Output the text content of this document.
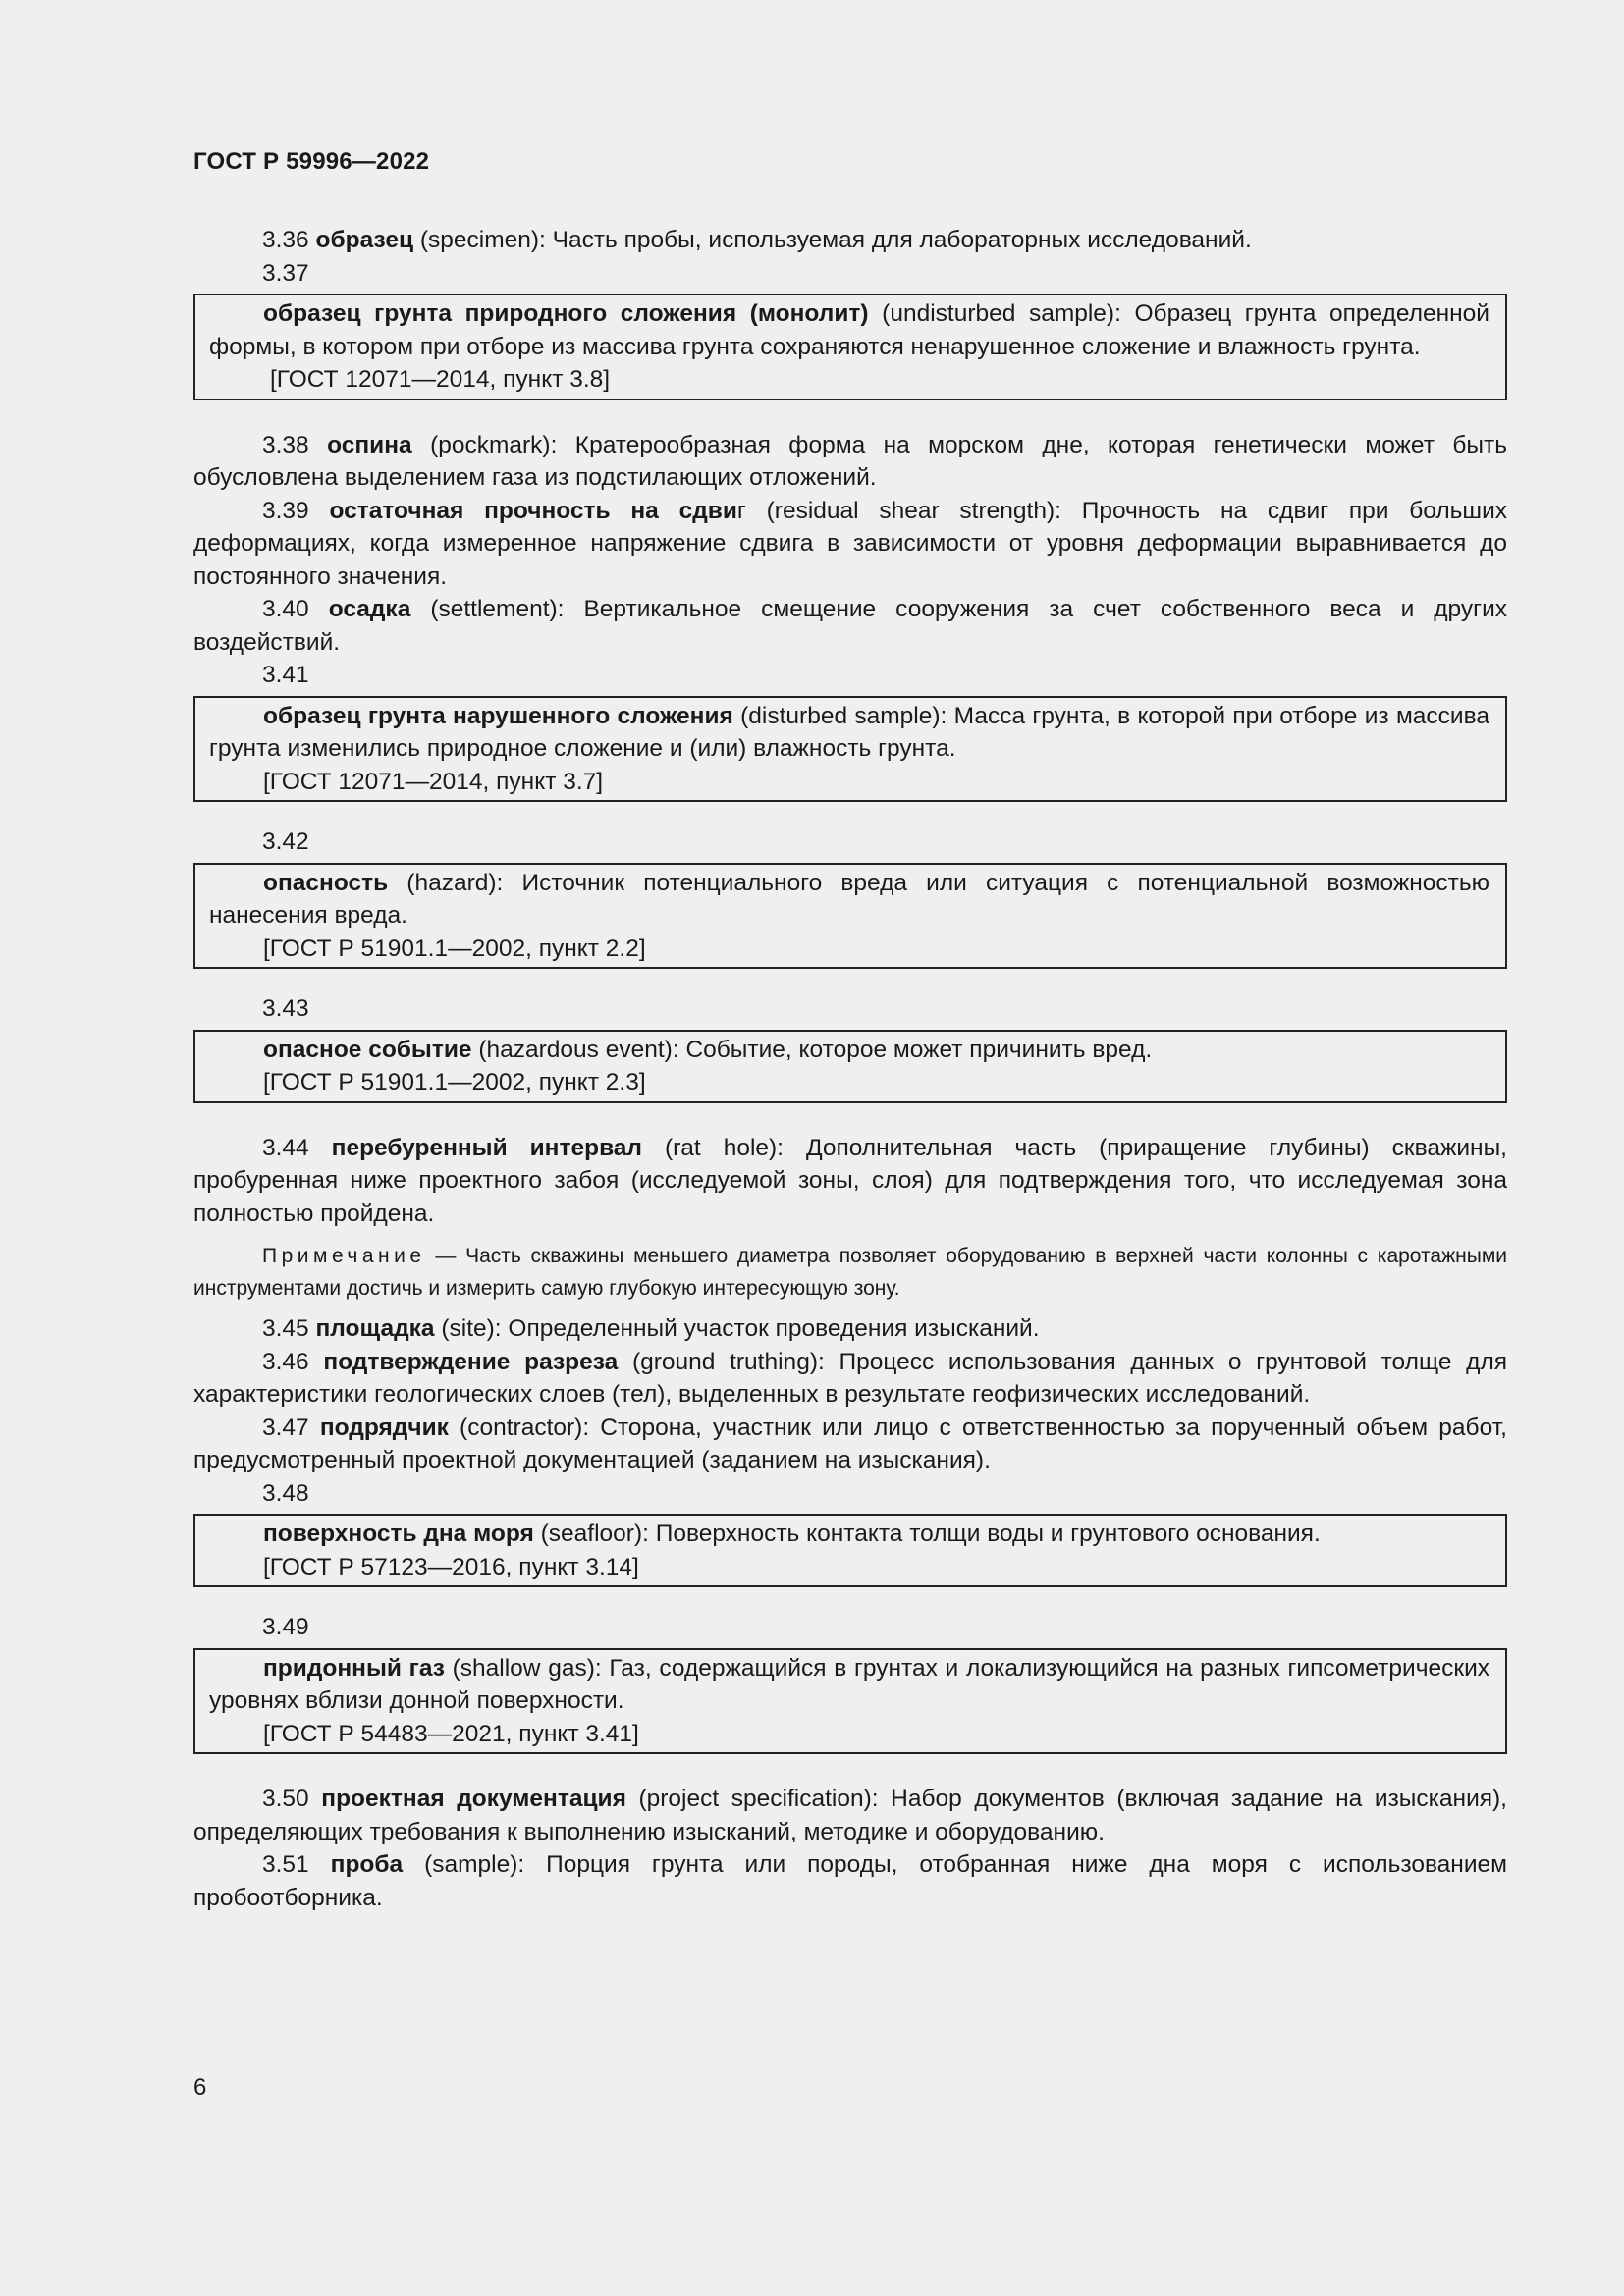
ГОСТ Р 59996—2022

3.36 образец (specimen): Часть пробы, используемая для лабораторных исследований.

3.37

образец грунта природного сложения (монолит) (undisturbed sample): Образец грунта определенной формы, в котором при отборе из массива грунта сохраняются ненарушенное сложение и влажность грунта.

[ГОСТ 12071—2014, пункт 3.8]

3.38 оспина (pockmark): Кратерообразная форма на морском дне, которая генетически может быть обусловлена выделением газа из подстилающих отложений.

3.39 остаточная прочность на сдвиг (residual shear strength): Прочность на сдвиг при больших деформациях, когда измеренное напряжение сдвига в зависимости от уровня деформации выравнивается до постоянного значения.

3.40 осадка (settlement): Вертикальное смещение сооружения за счет собственного веса и других воздействий.

3.41

образец грунта нарушенного сложения (disturbed sample): Масса грунта, в которой при отборе из массива грунта изменились природное сложение и (или) влажность грунта.

[ГОСТ 12071—2014, пункт 3.7]

3.42

опасность (hazard): Источник потенциального вреда или ситуация с потенциальной возможностью нанесения вреда.

[ГОСТ Р 51901.1—2002, пункт 2.2]

3.43

опасное событие (hazardous event): Событие, которое может причинить вред.

[ГОСТ Р 51901.1—2002, пункт 2.3]

3.44 перебуренный интервал (rat hole): Дополнительная часть (приращение глубины) скважины, пробуренная ниже проектного забоя (исследуемой зоны, слоя) для подтверждения того, что исследуемая зона полностью пройдена.

Примечание — Часть скважины меньшего диаметра позволяет оборудованию в верхней части колонны с каротажными инструментами достичь и измерить самую глубокую интересующую зону.

3.45 площадка (site): Определенный участок проведения изысканий.

3.46 подтверждение разреза (ground truthing): Процесс использования данных о грунтовой толще для характеристики геологических слоев (тел), выделенных в результате геофизических исследований.

3.47 подрядчик (contractor): Сторона, участник или лицо с ответственностью за порученный объем работ, предусмотренный проектной документацией (заданием на изыскания).

3.48

поверхность дна моря (seafloor): Поверхность контакта толщи воды и грунтового основания.

[ГОСТ Р 57123—2016, пункт 3.14]

3.49

придонный газ (shallow gas): Газ, содержащийся в грунтах и локализующийся на разных гипсометрических уровнях вблизи донной поверхности.

[ГОСТ Р 54483—2021, пункт 3.41]

3.50 проектная документация (project specification): Набор документов (включая задание на изыскания), определяющих требования к выполнению изысканий, методике и оборудованию.

3.51 проба (sample): Порция грунта или породы, отобранная ниже дна моря с использованием пробоотборника.

6
